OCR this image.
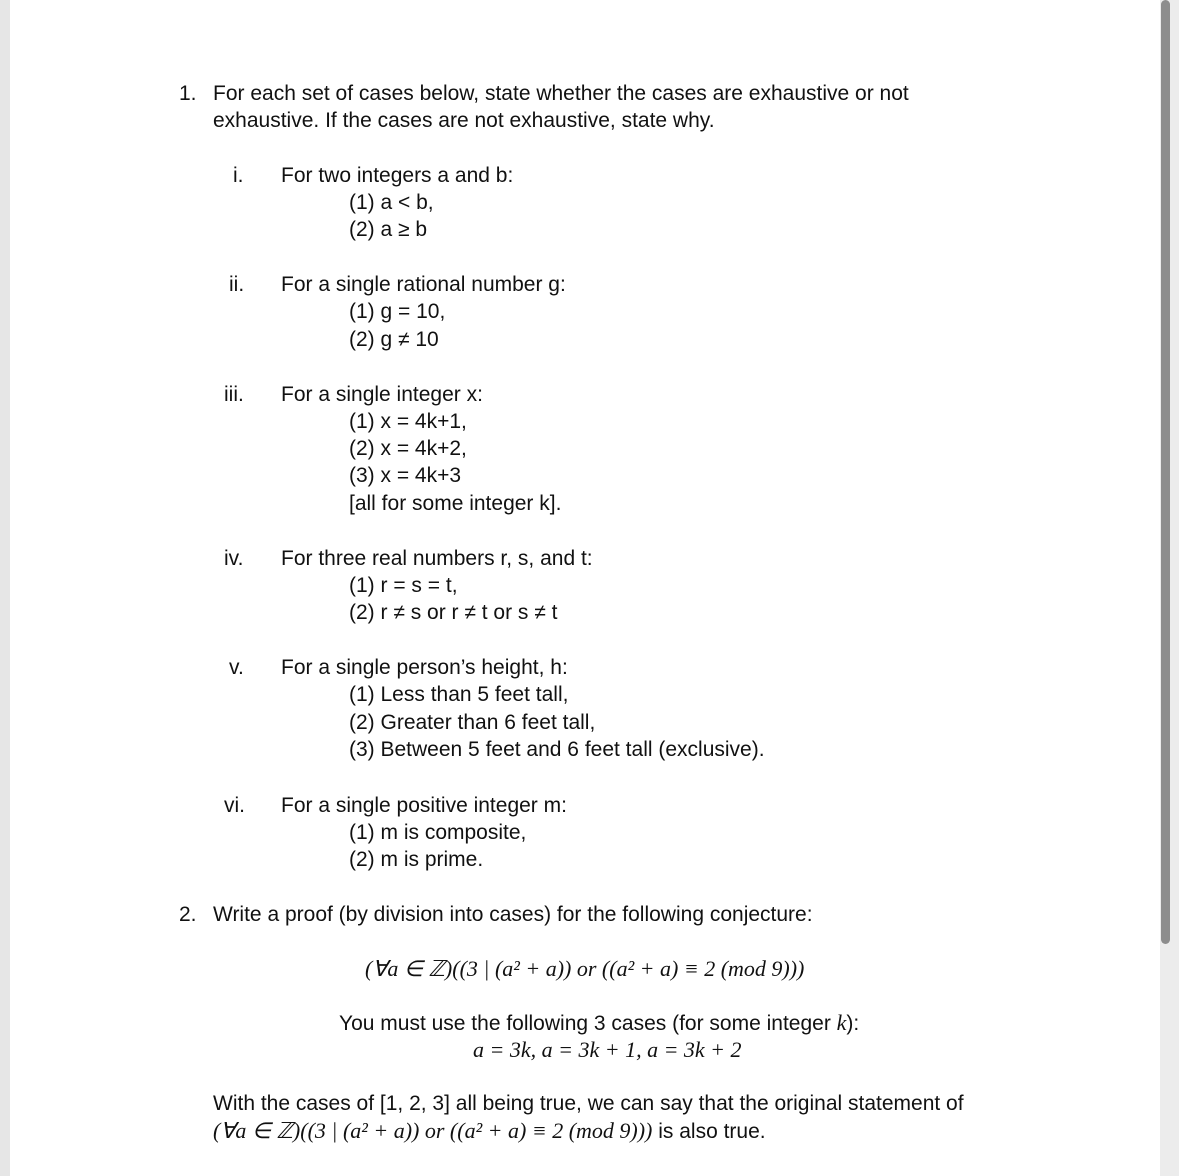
1. For each set of cases below, state whether the cases are exhaustive or not
exhaustive. If the cases are not exhaustive, state why.
i. For two integers a and b:
(1) a < b,
(2) a ≥ b
ii. For a single rational number g:
(1) g = 10,
(2) g ≠ 10
iii. For a single integer x:
(1) x = 4k+1,
(2) x = 4k+2,
(3) x = 4k+3
[all for some integer k].
iv. For three real numbers r, s, and t:
(1) r = s = t,
(2) r ≠ s or r ≠ t or s ≠ t
v. For a single person’s height, h:
(1) Less than 5 feet tall,
(2) Greater than 6 feet tall,
(3) Between 5 feet and 6 feet tall (exclusive).
vi. For a single positive integer m:
(1) m is composite,
(2) m is prime.
2. Write a proof (by division into cases) for the following conjecture:
(∀a ∈ ℤ)((3 | (a² + a)) or ((a² + a) ≡ 2 (mod 9)))
You must use the following 3 cases (for some integer k):
a = 3k, a = 3k + 1, a = 3k + 2
With the cases of [1, 2, 3] all being true, we can say that the original statement of
(∀a ∈ ℤ)((3 | (a² + a)) or ((a² + a) ≡ 2 (mod 9))) is also true.
